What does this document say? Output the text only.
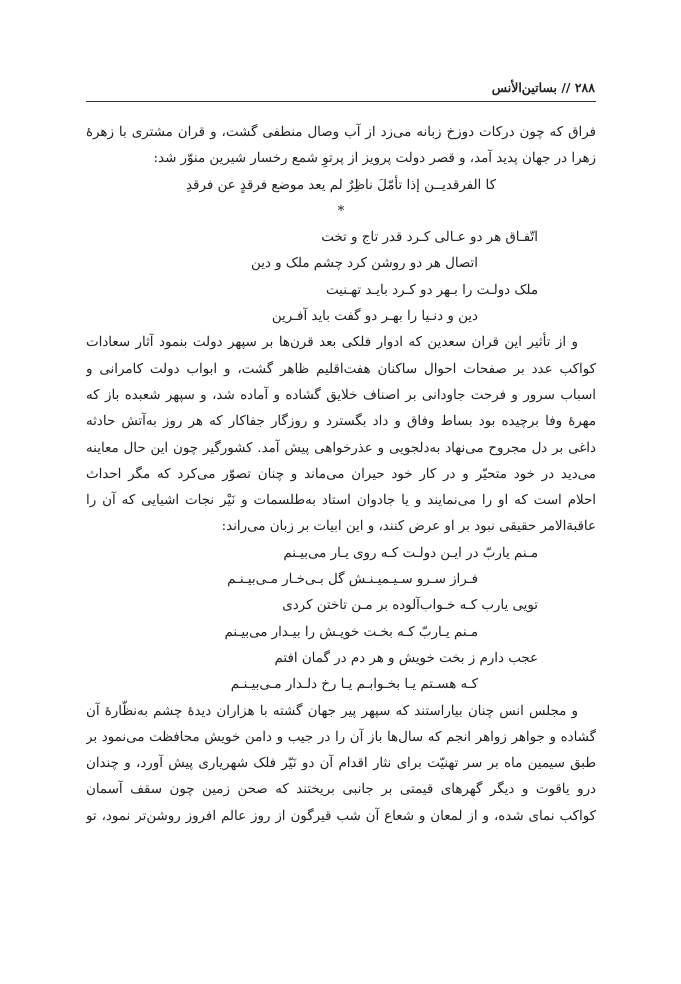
۲۸۸ // بساتين‌الأنس
فراق که چون درکات دوزخ زبانه می‌زد از آب وصال منطفی گشت، و قران مشتری با زهرهٔ
زهرا در جهان پدید آمد، و قصر دولت پرویز از پرتوِ شمع رخسار شیرین منوّر شد:
کا الفرقدیــن إذا تأمّلَ ناظِرٌ لم یعد موضع فرقدٍ عن فرقدِ
*
اتّفـاق هر دو عـالی کـرد قدر تاج و تخت
اتصال هر دو روشن کرد چشم ملک و دین
ملک دولـت را بـهر دو کـرد بایـد تهـنیت
دین و دنـیا را بهـر دو گفت باید آفـرین
و از تأثیر این قران سعدین که ادوار فلکی بعد قرن‌ها بر سپهر دولت بنمود آثار سعادات
کواکب عدد بر صفحات احوال ساکنان هفت‌اقلیم ظاهر گشت، و ابواب دولت کامرانی و
اسباب سرور و فرحت جاودانی بر اصناف خلایق گشاده و آماده شد، و سپهر شعبده باز که
مهرهٔ وفا برچیده بود بساط وفاق و داد بگسترد و روزگار جفاکار که هر روز به‌آتش حادثه
داغی بر دل مجروح می‌نهاد به‌دلجویی و عذرخواهی پیش آمد. کشورگیر چون این حال معاینه
می‌دید در خود متحیّر و در کار خود حیران می‌ماند و چنان تصوّر می‌کرد که مگر احداث
احلام است که او را می‌نمایند و یا جادوان استاد به‌طلسمات و نَیْر نجات اشیایی که آن را
عاقبةالامر حقیقی نبود بر او عرض کنند، و این ابیات بر زبان می‌راند:
مـنم یاربّ در ایـن دولـت کـه روی یـار می‌بیـنم
فـراز سـرو سـیـمیـنـش گل بـی‌خـار مـی‌بیـنـم
تویی یارب کـه خـواب‌آلوده بر مـن تاختن کردی
مـنم یـاربّ کـه بخـت خویـش را بیـدار می‌بیـنم
عجب دارم ز بخت خویش و هر دم در گمان افتم
کـه هسـتم یـا بخـوابـم یـا رخ دلـدار مـی‌بیـنـم
و مجلس انس چنان بیاراستند که سپهر پیر جهان گشته با هزاران دیدهٔ چشم به‌نظّارهٔ آن
گشاده و جواهر زواهر انجم که سال‌ها باز آن را در جیب و دامن خویش محافظت می‌نمود بر
طبق سیمین ماه بر سر تهنیّت برای نثار اقدام آن دو نَیّر فلک شهریاری پیش آورد، و چندان
درو یاقوت و دیگر گهرهای قیمتی بر جانبی بریختند که صحن زمین چون سقف آسمان
کواکب نمای شده، و از لمعان و شعاع آن شب قیرگون از روز عالم افروز روشن‌تر نمود، تو
